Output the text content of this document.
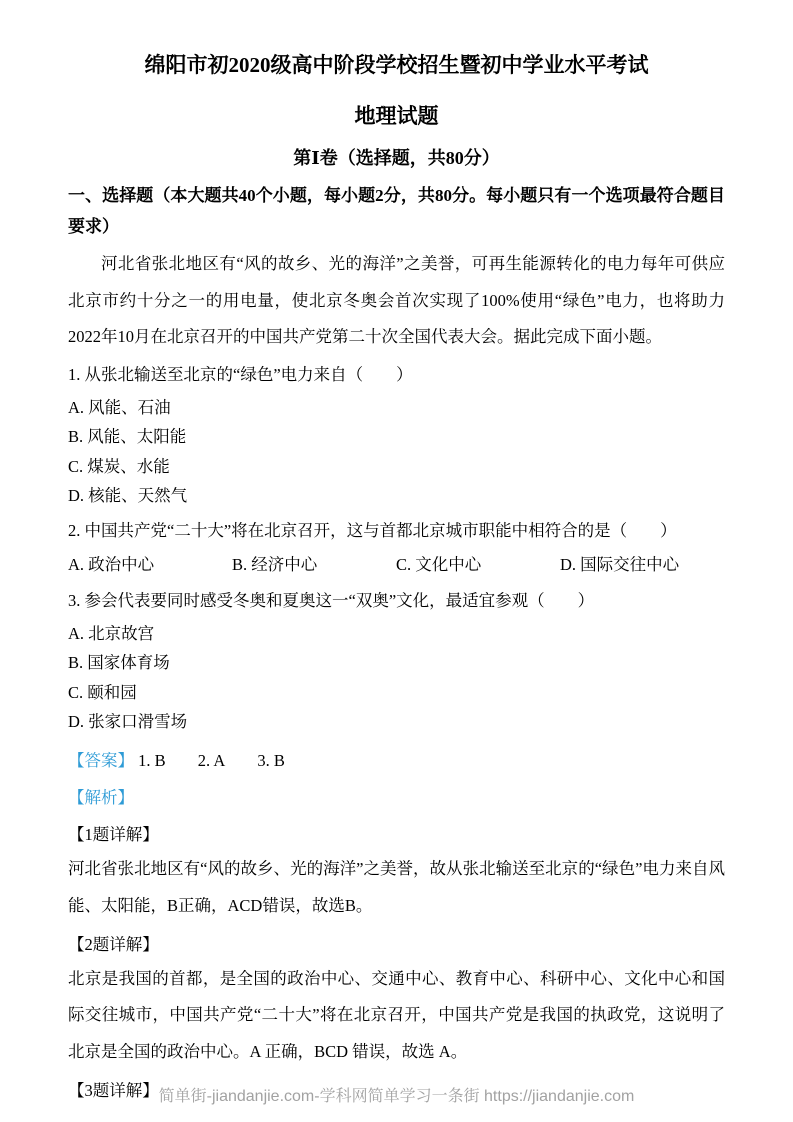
绵阳市初2020级高中阶段学校招生暨初中学业水平考试
地理试题
第Ⅰ卷（选择题，共80分）
一、选择题（本大题共40个小题，每小题2分，共80分。每小题只有一个选项最符合题目要求）
河北省张北地区有“风的故乡、光的海洋”之美誉，可再生能源转化的电力每年可供应北京市约十分之一的用电量，使北京冬奥会首次实现了100%使用“绿色”电力，也将助力2022年10月在北京召开的中国共产党第二十次全国代表大会。据此完成下面小题。
1. 从张北输送至北京的“绿色”电力来自（　　）
A. 风能、石油
B. 风能、太阳能
C. 煤炭、水能
D. 核能、天然气
2. 中国共产党“二十大”将在北京召开，这与首都北京城市职能中相符合的是（　　）
A. 政治中心	B. 经济中心	C. 文化中心	D. 国际交往中心
3. 参会代表要同时感受冬奥和夏奥这一“双奥”文化，最适宜参观（　　）
A. 北京故宫
B. 国家体育场
C. 颐和园
D. 张家口滑雪场
【答案】 1. B 2. A 3. B
【解析】
【1题详解】
河北省张北地区有“风的故乡、光的海洋”之美誉，故从张北输送至北京的“绿色”电力来自风能、太阳能，B正确，ACD错误，故选B。
【2题详解】
北京是我国的首都，是全国的政治中心、交通中心、教育中心、科研中心、文化中心和国际交往城市，中国共产党“二十大”将在北京召开，中国共产党是我国的执政党，这说明了北京是全国的政治中心。A 正确，BCD 错误，故选 A。
【3题详解】 简单街-jiandanjie.com-学科网简单学习一条街 https://jiandanjie.com
